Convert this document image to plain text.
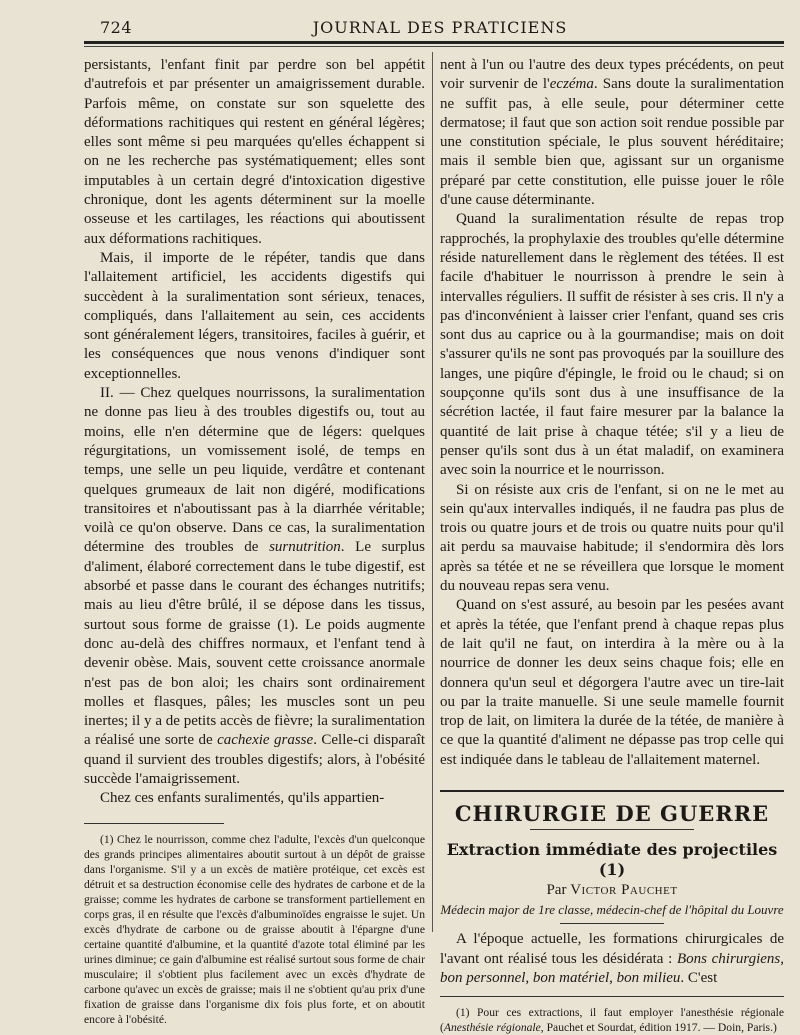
724	JOURNAL DES PRATICIENS

persistants, l'enfant finit par perdre son bel appétit d'autrefois et par présenter un amaigrissement durable. Parfois même, on constate sur son squelette des déformations rachitiques qui restent en général légères; elles sont même si peu marquées qu'elles échappent si on ne les recherche pas systématiquement; elles sont imputables à un certain degré d'intoxication digestive chronique, dont les agents déterminent sur la moelle osseuse et les cartilages, les réactions qui aboutissent aux déformations rachitiques.

Mais, il importe de le répéter, tandis que dans l'allaitement artificiel, les accidents digestifs qui succèdent à la suralimentation sont sérieux, tenaces, compliqués, dans l'allaitement au sein, ces accidents sont généralement légers, transitoires, faciles à guérir, et les conséquences que nous venons d'indiquer sont exceptionnelles.

II. — Chez quelques nourrissons, la suralimentation ne donne pas lieu à des troubles digestifs ou, tout au moins, elle n'en détermine que de légers: quelques régurgitations, un vomissement isolé, de temps en temps, une selle un peu liquide, verdâtre et contenant quelques grumeaux de lait non digéré, modifications transitoires et n'aboutissant pas à la diarrhée véritable; voilà ce qu'on observe. Dans ce cas, la suralimentation détermine des troubles de surnutrition. Le surplus d'aliment, élaboré correctement dans le tube digestif, est absorbé et passe dans le courant des échanges nutritifs; mais au lieu d'être brûlé, il se dépose dans les tissus, surtout sous forme de graisse (1). Le poids augmente donc au-delà des chiffres normaux, et l'enfant tend à devenir obèse. Mais, souvent cette croissance anormale n'est pas de bon aloi; les chairs sont ordinairement molles et flasques, pâles; les muscles sont un peu inertes; il y a de petits accès de fièvre; la suralimentation a réalisé une sorte de cachexie grasse. Celle-ci disparaît quand il survient des troubles digestifs; alors, à l'obésité succède l'amaigrissement.

Chez ces enfants suralimentés, qu'ils appartien-

(1) Chez le nourrisson, comme chez l'adulte, l'excès d'un quelconque des grands principes alimentaires aboutit surtout à un dépôt de graisse dans l'organisme. S'il y a un excès de matière protéique, cet excès est détruit et sa destruction économise celle des hydrates de carbone et de la graisse; comme les hydrates de carbone se transforment partiellement en corps gras, il en résulte que l'excès d'albuminoïdes engraisse le sujet. Un excès d'hydrate de carbone ou de graisse aboutit à l'épargne d'une certaine quantité d'albumine, et la quantité d'azote total éliminé par les urines diminue; ce gain d'albumine est réalisé surtout sous forme de chair musculaire; il s'obtient plus facilement avec un excès d'hydrate de carbone qu'avec un excès de graisse; mais il ne s'obtient qu'au prix d'une fixation de graisse dans l'organisme dix fois plus forte, et on aboutit encore à l'obésité.

nent à l'un ou l'autre des deux types précédents, on peut voir survenir de l'eczéma. Sans doute la suralimentation ne suffit pas, à elle seule, pour déterminer cette dermatose; il faut que son action soit rendue possible par une constitution spéciale, le plus souvent héréditaire; mais il semble bien que, agissant sur un organisme préparé par cette constitution, elle puisse jouer le rôle d'une cause déterminante.

Quand la suralimentation résulte de repas trop rapprochés, la prophylaxie des troubles qu'elle détermine réside naturellement dans le règlement des tétées. Il est facile d'habituer le nourrisson à prendre le sein à intervalles réguliers. Il suffit de résister à ses cris. Il n'y a pas d'inconvénient à laisser crier l'enfant, quand ses cris sont dus au caprice ou à la gourmandise; mais on doit s'assurer qu'ils ne sont pas provoqués par la souillure des langes, une piqûre d'épingle, le froid ou le chaud; si on soupçonne qu'ils sont dus à une insuffisance de la sécrétion lactée, il faut faire mesurer par la balance la quantité de lait prise à chaque tétée; s'il y a lieu de penser qu'ils sont dus à un état maladif, on examinera avec soin la nourrice et le nourrisson.

Si on résiste aux cris de l'enfant, si on ne le met au sein qu'aux intervalles indiqués, il ne faudra pas plus de trois ou quatre jours et de trois ou quatre nuits pour qu'il ait perdu sa mauvaise habitude; il s'endormira dès lors après sa tétée et ne se réveillera que lorsque le moment du nouveau repas sera venu.

Quand on s'est assuré, au besoin par les pesées avant et après la tétée, que l'enfant prend à chaque repas plus de lait qu'il ne faut, on interdira à la mère ou à la nourrice de donner les deux seins chaque fois; elle en donnera qu'un seul et dégorgera l'autre avec un tire-lait ou par la traite manuelle. Si une seule mamelle fournit trop de lait, on limitera la durée de la tétée, de manière à ce que la quantité d'aliment ne dépasse pas trop celle qui est indiquée dans le tableau de l'allaitement maternel.

CHIRURGIE DE GUERRE
Extraction immédiate des projectiles (1)
Par Victor Pauchet
Médecin major de 1re classe, médecin-chef de l'hôpital du Louvre

A l'époque actuelle, les formations chirurgicales de l'avant ont réalisé tous les désidérata : Bons chirurgiens, bon personnel, bon matériel, bon milieu. C'est

(1) Pour ces extractions, il faut employer l'anesthésie régionale (Anesthésie régionale, Pauchet et Sourdat, édition 1917. — Doin, Paris.)
